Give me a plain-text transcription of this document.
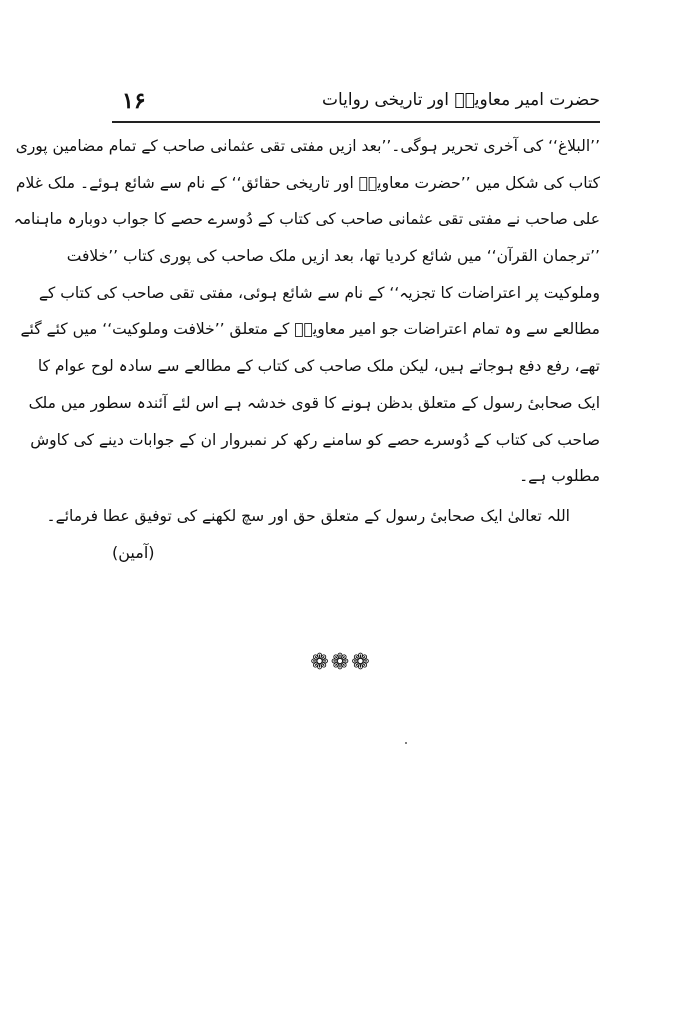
۱۶	حضرت امیر معاویہؓ اور تاریخی روایات
’’البلاغ‘‘ کی آخری تحریر ہوگی۔’’بعد ازیں مفتی تقی عثمانی صاحب کے تمام مضامین پوری
کتاب کی شکل میں ’’حضرت معاویہؓ اور تاریخی حقائق‘‘ کے نام سے شائع ہوئے۔ ملک غلام
علی صاحب نے مفتی تقی عثمانی صاحب کی کتاب کے دُوسرے حصے کا جواب دوبارہ ماہنامہ
’’ترجمان القرآن‘‘ میں شائع کردیا تھا، بعد ازیں ملک صاحب کی پوری کتاب ’’خلافت
وملوکیت پر اعتراضات کا تجزیہ‘‘ کے نام سے شائع ہوئی، مفتی تقی صاحب کی کتاب کے
مطالعے سے وہ تمام اعتراضات جو امیر معاویہؓ کے متعلق ’’خلافت وملوکیت‘‘ میں کئے گئے
تھے، رفع دفع ہوجاتے ہیں، لیکن ملک صاحب کی کتاب کے مطالعے سے سادہ لوح عوام کا
ایک صحابیٔ رسول کے متعلق بدظن ہونے کا قوی خدشہ ہے اس لئے آئندہ سطور میں ملک
صاحب کی کتاب کے دُوسرے حصے کو سامنے رکھ کر نمبروار ان کے جوابات دینے کی کاوش
مطلوب ہے۔
اللہ تعالیٰ ایک صحابیٔ رسول کے متعلق حق اور سچ لکھنے کی توفیق عطا فرمائے۔
(آمین)
❁❁❁
